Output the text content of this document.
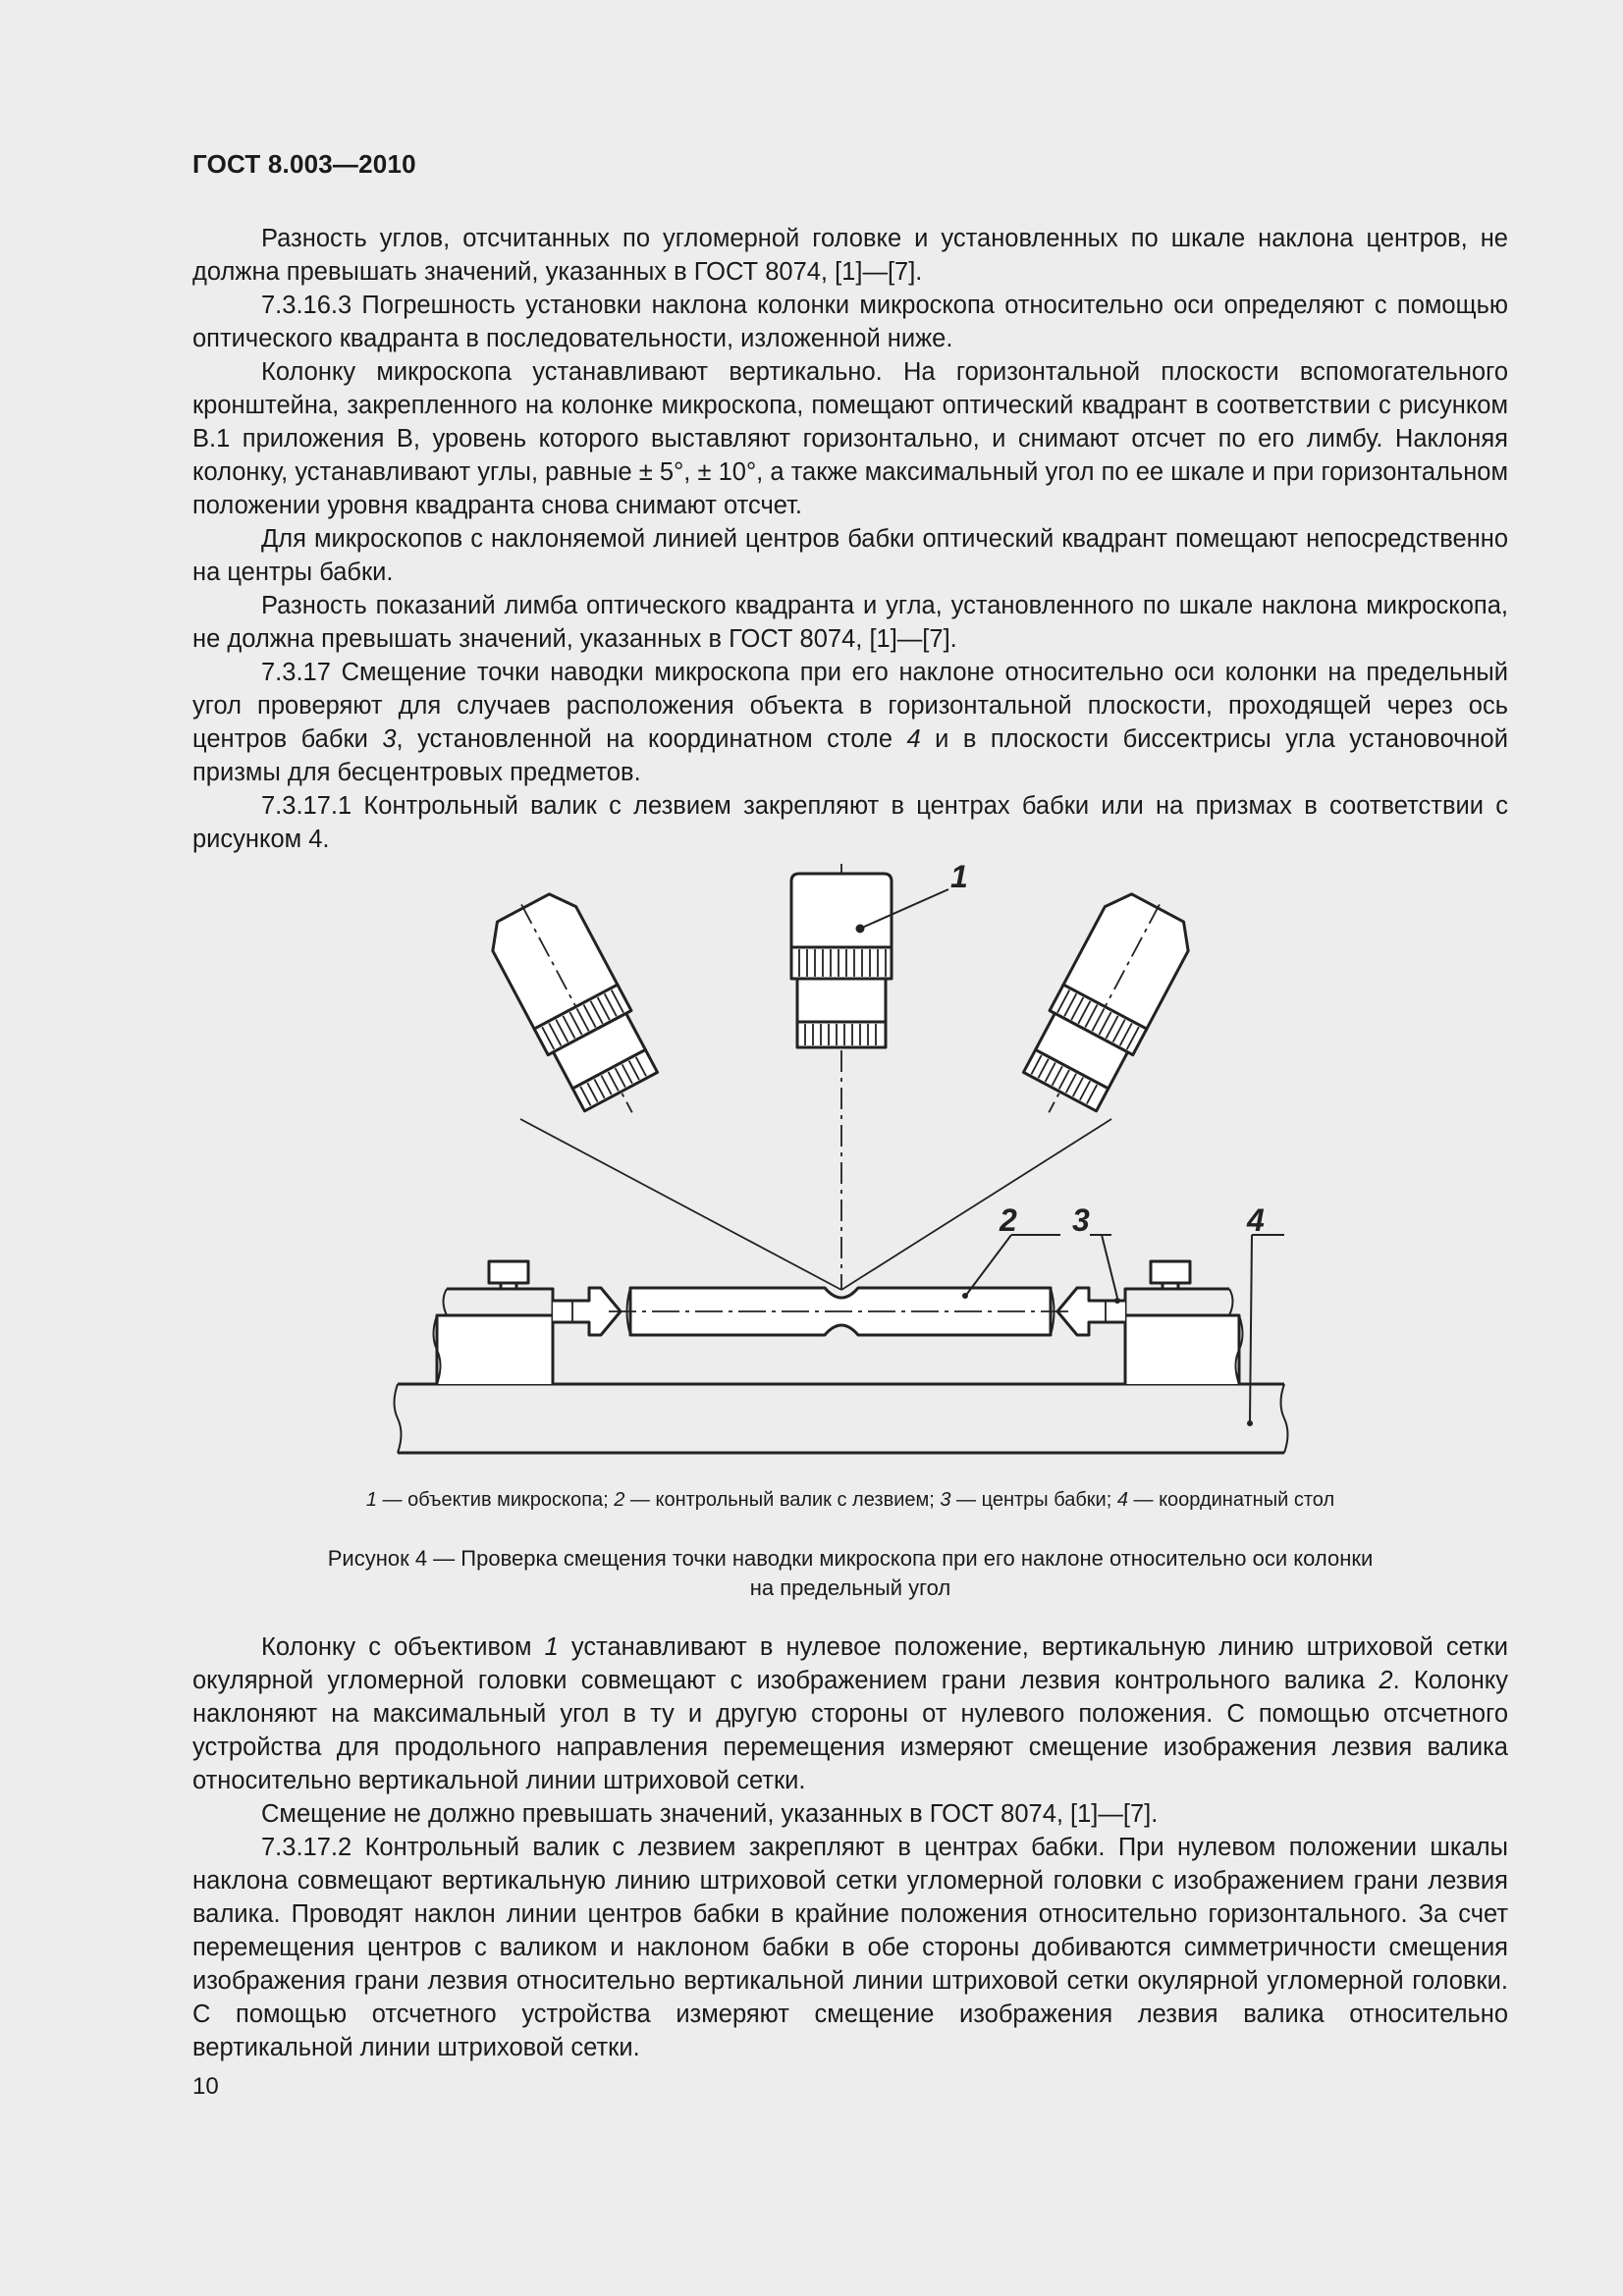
ГОСТ 8.003—2010

Разность углов, отсчитанных по угломерной головке и установленных по шкале наклона центров, не должна превышать значений, указанных в ГОСТ 8074, [1]—[7].

7.3.16.3 Погрешность установки наклона колонки микроскопа относительно оси определяют с помощью оптического квадранта в последовательности, изложенной ниже.

Колонку микроскопа устанавливают вертикально. На горизонтальной плоскости вспомогательного кронштейна, закрепленного на колонке микроскопа, помещают оптический квадрант в соответствии с рисунком В.1 приложения В, уровень которого выставляют горизонтально, и снимают отсчет по его лимбу. Наклоняя колонку, устанавливают углы, равные ± 5°, ± 10°, а также максимальный угол по ее шкале и при горизонтальном положении уровня квадранта снова снимают отсчет.

Для микроскопов с наклоняемой линией центров бабки оптический квадрант помещают непосредственно на центры бабки.

Разность показаний лимба оптического квадранта и угла, установленного по шкале наклона микроскопа, не должна превышать значений, указанных в ГОСТ 8074, [1]—[7].

7.3.17 Смещение точки наводки микроскопа при его наклоне относительно оси колонки на предельный угол проверяют для случаев расположения объекта в горизонтальной плоскости, проходящей через ось центров бабки 3, установленной на координатном столе 4 и в плоскости биссектрисы угла установочной призмы для бесцентровых предметов.

7.3.17.1 Контрольный валик с лезвием закрепляют в центрах бабки или на призмах в соответствии с рисунком 4.

1
2 3	4
1 — объектив микроскопа; 2 — контрольный валик с лезвием; 3 — центры бабки; 4 — координатный стол
Рисунок 4 — Проверка смещения точки наводки микроскопа при его наклоне относительно оси колонки
на предельный угол

Колонку с объективом 1 устанавливают в нулевое положение, вертикальную линию штриховой сетки окулярной угломерной головки совмещают с изображением грани лезвия контрольного валика 2. Колонку наклоняют на максимальный угол в ту и другую стороны от нулевого положения. С помощью отсчетного устройства для продольного направления перемещения измеряют смещение изображения лезвия валика относительно вертикальной линии штриховой сетки.

Смещение не должно превышать значений, указанных в ГОСТ 8074, [1]—[7].

7.3.17.2 Контрольный валик с лезвием закрепляют в центрах бабки. При нулевом положении шкалы наклона совмещают вертикальную линию штриховой сетки угломерной головки с изображением грани лезвия валика. Проводят наклон линии центров бабки в крайние положения относительно горизонтального. За счет перемещения центров с валиком и наклоном бабки в обе стороны добиваются симметричности смещения изображения грани лезвия относительно вертикальной линии штриховой сетки окулярной угломерной головки. С помощью отсчетного устройства измеряют смещение изображения лезвия валика относительно вертикальной линии штриховой сетки.

10
